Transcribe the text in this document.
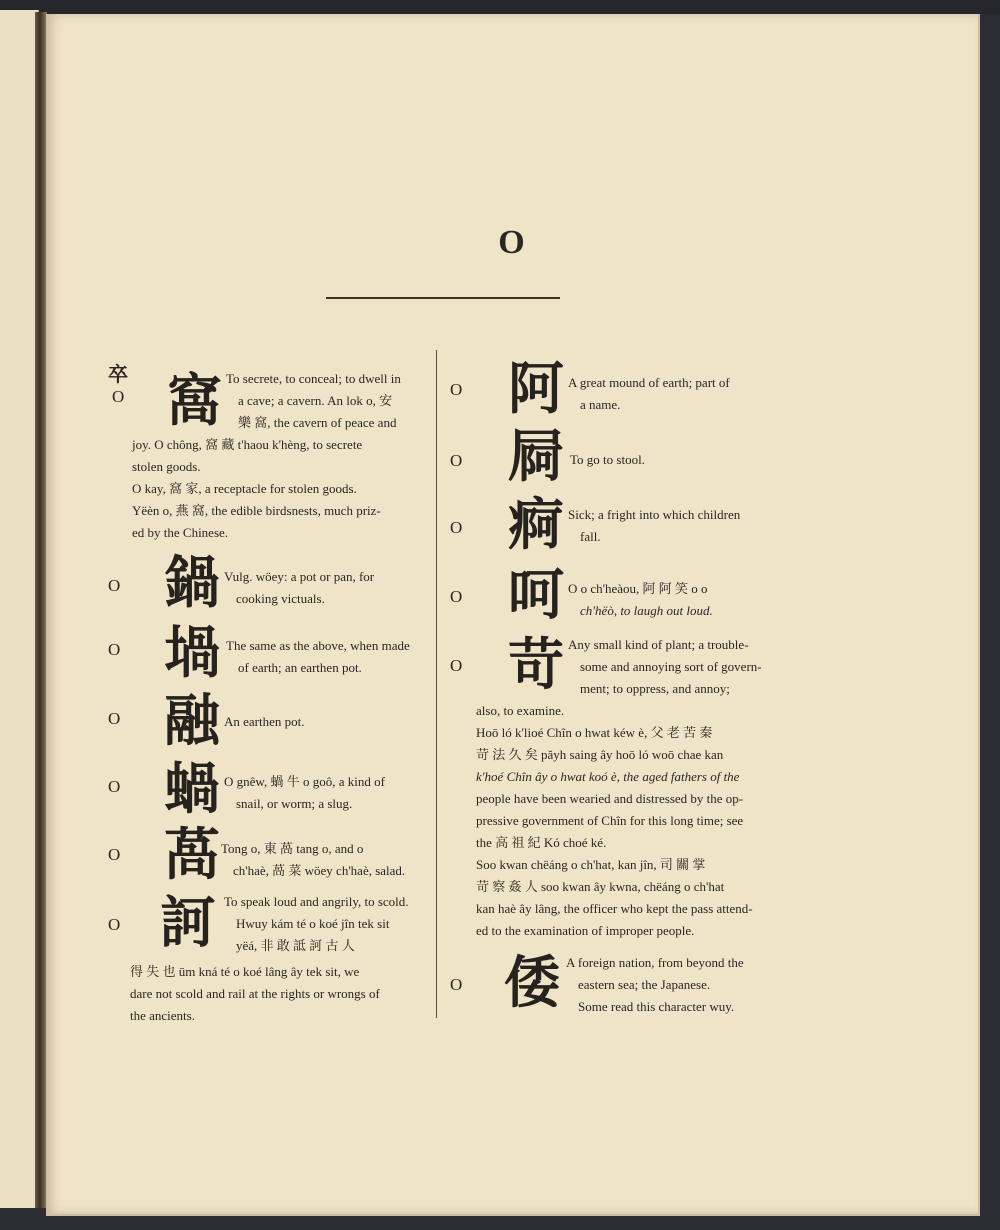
O
卒
O 窩 To secrete, to conceal; to dwell in
a cave; a cavern. An lok o, 安
樂 窩, the cavern of peace and
joy. O chông, 窩 藏 t'haou k'hèng, to secrete
stolen goods.
O kay, 窩 家, a receptacle for stolen goods.
Yëèn o, 燕 窩, the edible birdsnests, much priz-
ed by the Chinese.
O 鍋 Vulg. wöey: a pot or pan, for
cooking victuals.
O 堝 The same as the above, when made
of earth; an earthen pot.
O 融 An earthen pot.
O 蝸 O gnêw, 蝸 牛 o goô, a kind of
snail, or worm; a slug.
O 萵 Tong o, 東 萵 tang o, and o
ch'haè, 萵 菜 wöey ch'haè, salad.
O 訶 To speak loud and angrily, to scold.
Hwuy kám té o koé jîn tek sit
yëá, 非 敢 詆 訶 古 人
得 失 也 ūm kná té o koé lâng ây tek sit, we
dare not scold and rail at the rights or wrongs of
the ancients.
O 阿 A great mound of earth; part of
a name.
O 屙 To go to stool.
O 痾 Sick; a fright into which children
fall.
O 呵 O o ch'heàou, 阿 阿 笑 o o
ch'hëò, to laugh out loud.
O 苛 Any small kind of plant; a trouble-
some and annoying sort of govern-
ment; to oppress, and annoy;
also, to examine.
Hoō ló k'lioé Chîn o hwat kéw è, 父 老 苦 秦
苛 法 久 矣 păyh saing ây hoō ló woō chae kan
k'hoé Chîn ây o hwat koó è, the aged fathers of the
people have been wearied and distressed by the op-
pressive government of Chîn for this long time; see
the 高 祖 紀 Kó choé ké.
Soo kwan chëáng o ch'hat, kan jîn, 司 關 掌
苛 察 姦 人 soo kwan ây kwna, chëáng o ch'hat
kan haè ây lâng, the officer who kept the pass attend-
ed to the examination of improper people.
O 倭 A foreign nation, from beyond the
eastern sea; the Japanese.
Some read this character wuy.
